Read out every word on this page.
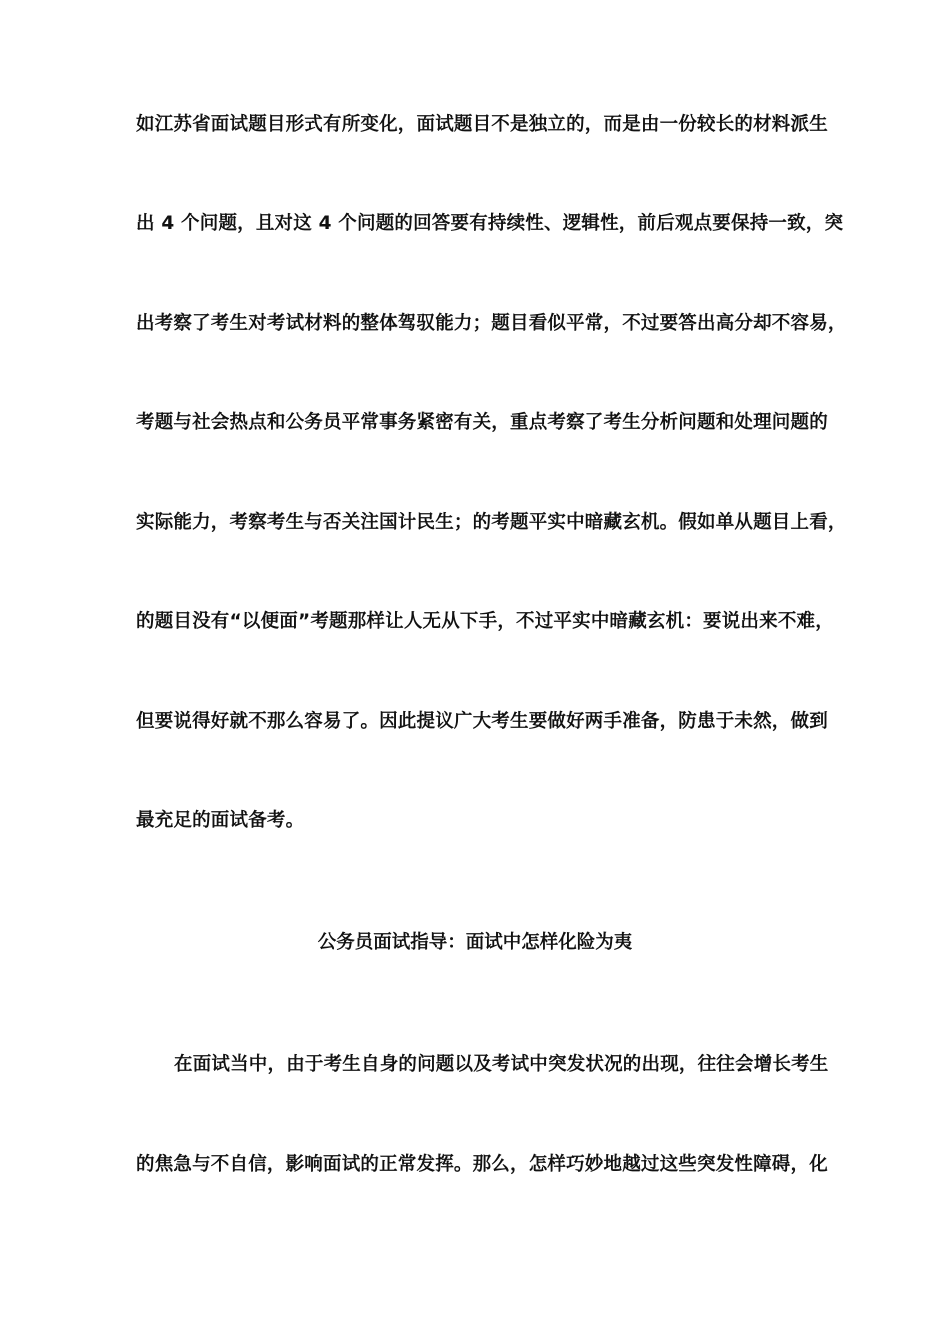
如江苏省面试题目形式有所变化，面试题目不是独立的，而是由一份较长的材料派生
出 4 个问题，且对这 4 个问题的回答要有持续性、逻辑性，前后观点要保持一致，突
出考察了考生对考试材料的整体驾驭能力；题目看似平常，不过要答出高分却不容易，
考题与社会热点和公务员平常事务紧密有关，重点考察了考生分析问题和处理问题的
实际能力，考察考生与否关注国计民生；的考题平实中暗藏玄机。假如单从题目上看，
的题目没有“以便面”考题那样让人无从下手，不过平实中暗藏玄机：要说出来不难，
但要说得好就不那么容易了。因此提议广大考生要做好两手准备，防患于未然，做到
最充足的面试备考。
公务员面试指导：面试中怎样化险为夷
在面试当中，由于考生自身的问题以及考试中突发状况的出现，往往会增长考生
的焦急与不自信，影响面试的正常发挥。那么，怎样巧妙地越过这些突发性障碍，化
